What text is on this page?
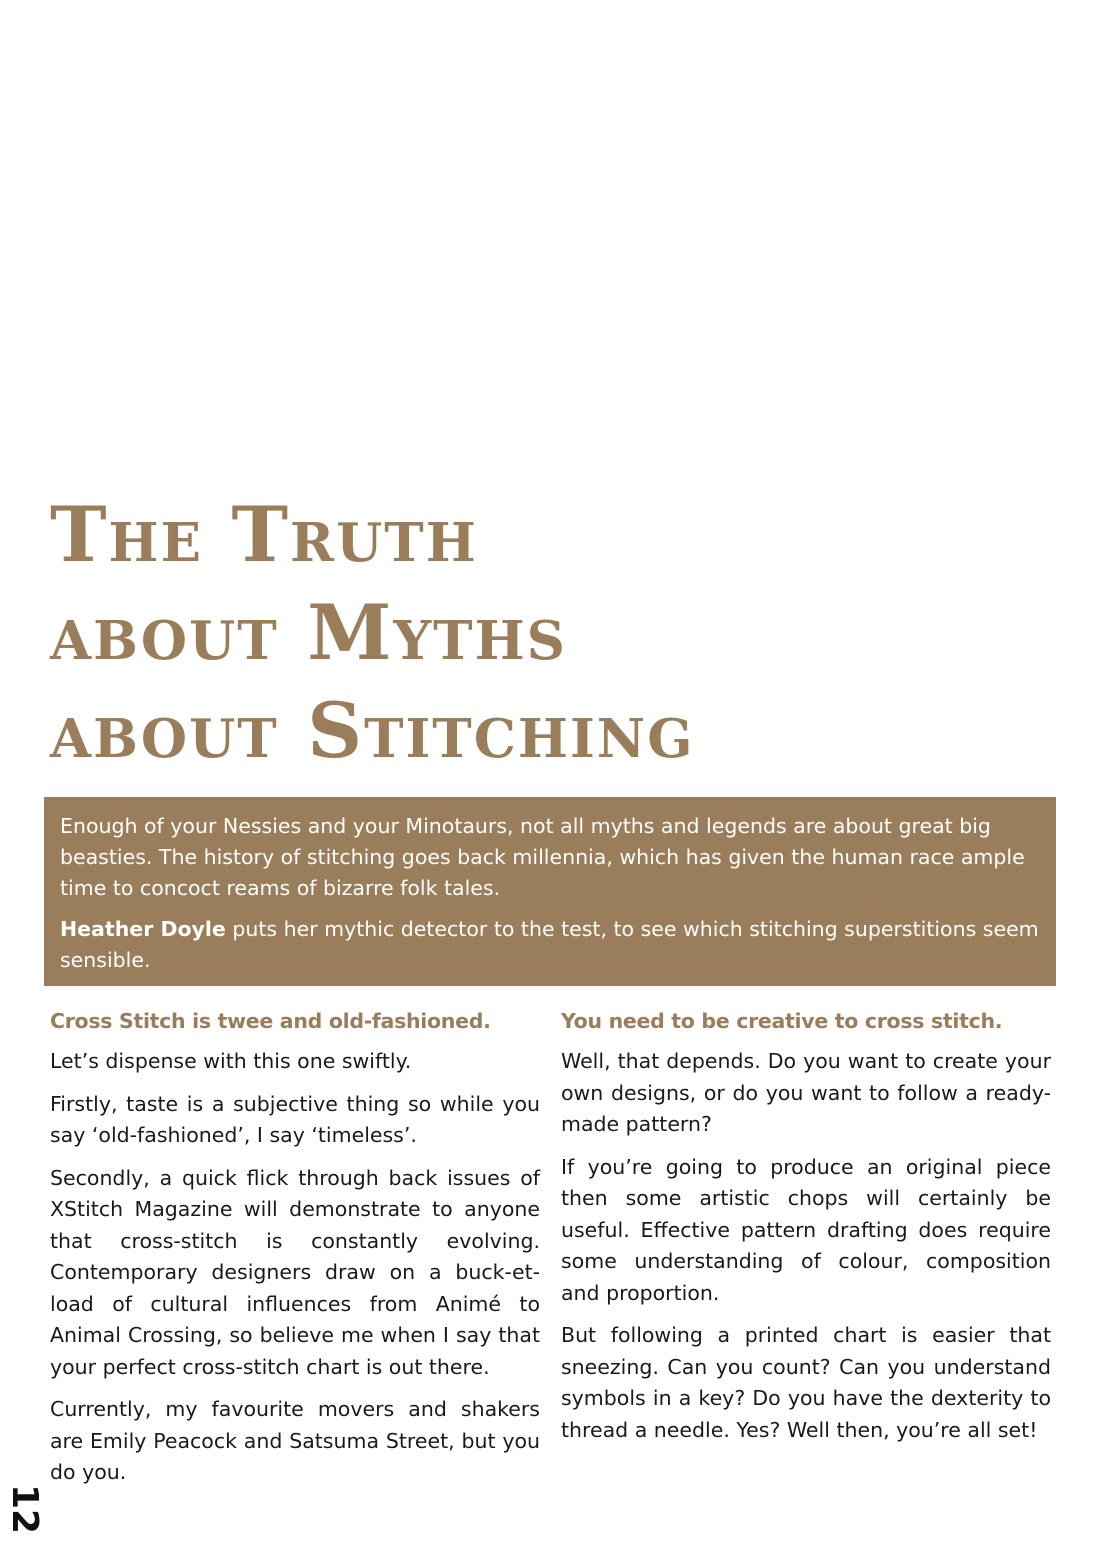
The Truth
about Myths
about Stitching

Enough of your Nessies and your Minotaurs, not all myths and legends are about great big beasties. The history of stitching goes back millennia, which has given the human race ample time to concoct reams of bizarre folk tales.

Heather Doyle puts her mythic detector to the test, to see which stitching superstitions seem sensible.

Cross Stitch is twee and old-fashioned.

Let’s dispense with this one swiftly.

Firstly, taste is a subjective thing so while you say ‘old-fashioned’, I say ‘timeless’.

Secondly, a quick flick through back issues of XStitch Magazine will demonstrate to anyone that cross-stitch is constantly evolving. Contemporary designers draw on a buck-et-load of cultural influences from Animé to Animal Crossing, so believe me when I say that your perfect cross-stitch chart is out there.

Currently, my favourite movers and shakers are Emily Peacock and Satsuma Street, but you do you.

You need to be creative to cross stitch.

Well, that depends. Do you want to create your own designs, or do you want to follow a ready-made pattern?

If you’re going to produce an original piece then some artistic chops will certainly be useful. Effective pattern drafting does require some understanding of colour, composition and proportion.

But following a printed chart is easier that sneezing. Can you count? Can you understand symbols in a key? Do you have the dexterity to thread a needle. Yes? Well then, you’re all set!

12
